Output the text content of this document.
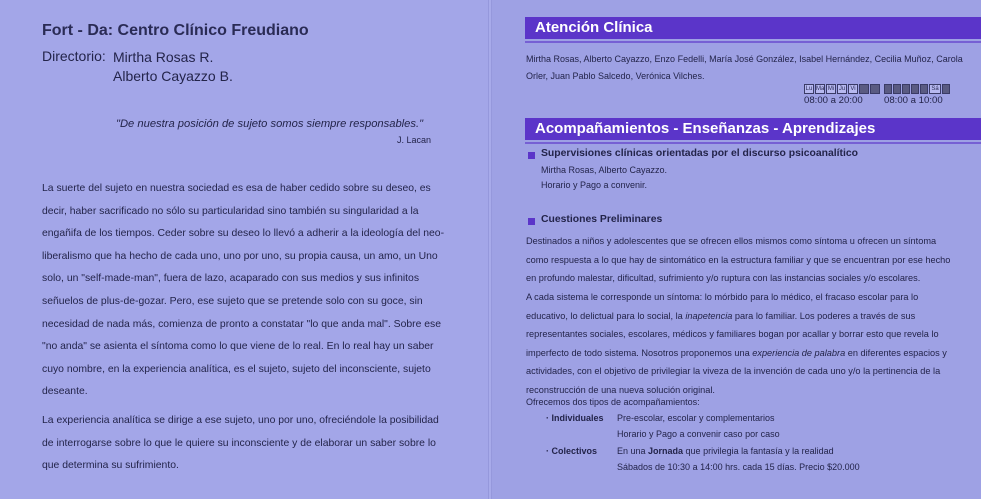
Fort - Da: Centro Clínico Freudiano
Directorio: Mirtha Rosas R.
Alberto Cayazzo B.
"De nuestra posición de sujeto somos siempre responsables."
J. Lacan

La suerte del sujeto en nuestra sociedad es esa de haber cedido sobre su deseo, es decir, haber sacrificado no sólo su particularidad sino también su singularidad a la engañifa de los tiempos. Ceder sobre su deseo lo llevó a adherir a la ideología del neo-liberalismo que ha hecho de cada uno, uno por uno, su propia causa, un amo, un Uno solo, un "self-made-man", fuera de lazo, acaparado con sus medios y sus infinitos señuelos de plus-de-gozar. Pero, ese sujeto que se pretende solo con su goce, sin necesidad de nada más, comienza de pronto a constatar "lo que anda mal". Sobre ese "no anda" se asienta el síntoma como lo que viene de lo real. En lo real hay un saber cuyo nombre, en la experiencia analítica, es el sujeto, sujeto del inconsciente, sujeto deseante.

La experiencia analítica se dirige a ese sujeto, uno por uno, ofreciéndole la posibilidad de interrogarse sobre lo que le quiere su inconsciente y de elaborar un saber sobre lo que determina su sufrimiento.

Atención Clínica
Mirtha Rosas, Alberto Cayazzo, Enzo Fedelli, María José González, Isabel Hernández, Cecilia Muñoz, Carola Orler, Juan Pablo Salcedo, Verónica Vilches.
Lu Ma Mi Ju Vi
08:00 a 20:00
Sá
08:00 a 10:00
Acompañamientos - Enseñanzas - Aprendizajes
Supervisiones clínicas orientadas por el discurso psicoanalítico
Mirtha Rosas, Alberto Cayazzo.
Horario y Pago a convenir.
Cuestiones Preliminares
Destinados a niños y adolescentes que se ofrecen ellos mismos como síntoma u ofrecen un síntoma como respuesta a lo que hay de sintomático en la estructura familiar y que se encuentran por ese hecho en profundo malestar, dificultad, sufrimiento y/o ruptura con las instancias sociales y/o escolares.
A cada sistema le corresponde un síntoma: lo mórbido para lo médico, el fracaso escolar para lo educativo, lo delictual para lo social, la inapetencia para lo familiar. Los poderes a través de sus representantes sociales, escolares, médicos y familiares bogan por acallar y borrar esto que revela lo imperfecto de todo sistema. Nosotros proponemos una experiencia de palabra en diferentes espacios y actividades, con el objetivo de privilegiar la viveza de la invención de cada uno y/o la pertinencia de la reconstrucción de una nueva solución original.
Ofrecemos dos tipos de acompañamientos:
· Individuales Pre-escolar, escolar y complementarios
Horario y Pago a convenir caso por caso
· Colectivos En una Jornada que privilegia la fantasía y la realidad
Sábados de 10:30 a 14:00 hrs. cada 15 días. Precio $20.000
